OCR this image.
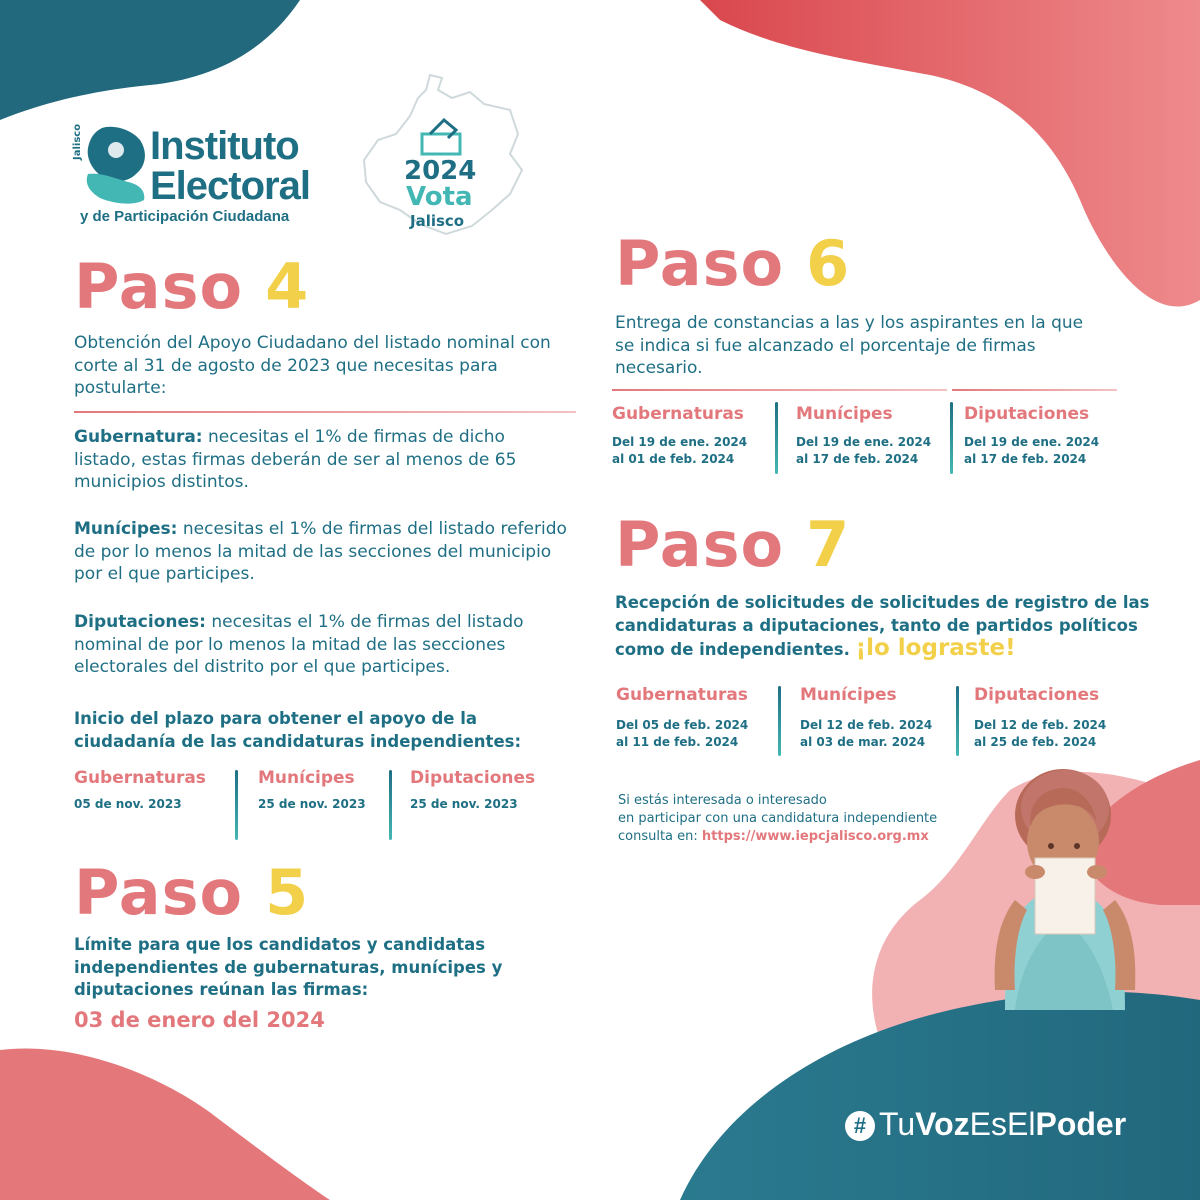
Jalisco Instituto
Electoral
y de Participación Ciudadana
2024
Vota
Jalisco
Paso 4
Obtención del Apoyo Ciudadano del listado nominal con corte al 31 de agosto de 2023 que necesitas para postularte:
Gubernatura: necesitas el 1% de firmas de dicho listado, estas firmas deberán de ser al menos de 65 municipios distintos.
Munícipes: necesitas el 1% de firmas del listado referido de por lo menos la mitad de las secciones del municipio por el que participes.
Diputaciones: necesitas el 1% de firmas del listado nominal de por lo menos la mitad de las secciones electorales del distrito por el que participes.
Inicio del plazo para obtener el apoyo de la ciudadanía de las candidaturas independientes:
Gubernaturas
05 de nov. 2023
Munícipes
25 de nov. 2023
Diputaciones
25 de nov. 2023
Paso 5
Límite para que los candidatos y candidatas independientes de gubernaturas, munícipes y diputaciones reúnan las firmas:
03 de enero del 2024
Paso 6
Entrega de constancias a las y los aspirantes en la que se indica si fue alcanzado el porcentaje de firmas necesario.
Gubernaturas
Del 19 de ene. 2024
al 01 de feb. 2024
Munícipes
Del 19 de ene. 2024
al 17 de feb. 2024
Diputaciones
Del 19 de ene. 2024
al 17 de feb. 2024
Paso 7
Recepción de solicitudes de solicitudes de registro de las candidaturas a diputaciones, tanto de partidos políticos como de independientes. ¡lo lograste!
Gubernaturas
Del 05 de feb. 2024
al 11 de feb. 2024
Munícipes
Del 12 de feb. 2024
al 03 de mar. 2024
Diputaciones
Del 12 de feb. 2024
al 25 de feb. 2024
Si estás interesada o interesado
en participar con una candidatura independiente
consulta en: https://www.iepcjalisco.org.mx
# TuVozEsElPoder
